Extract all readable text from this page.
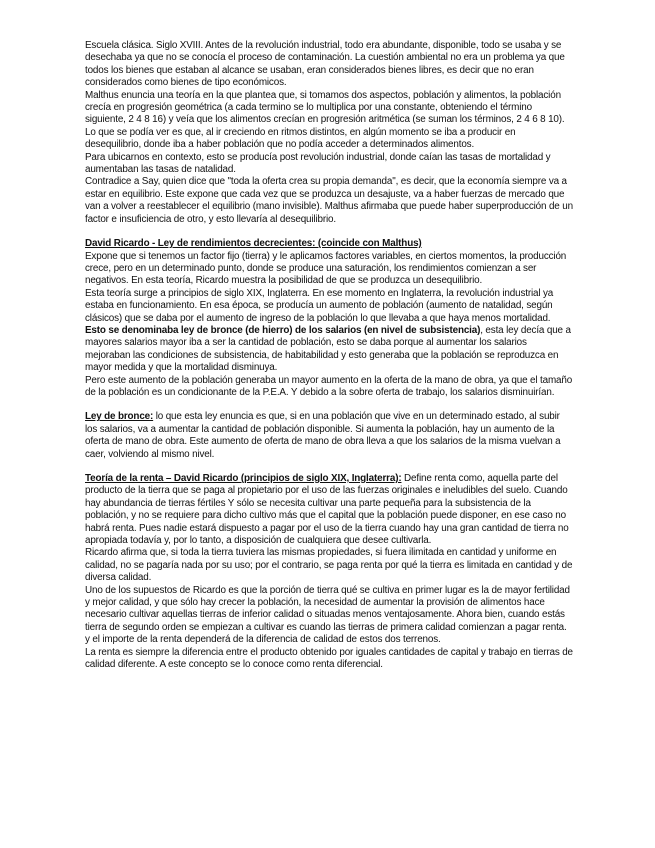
Escuela clásica. Siglo XVIII. Antes de la revolución industrial, todo era abundante, disponible, todo se usaba y se desechaba ya que no se conocía el proceso de contaminación. La cuestión ambiental no era un problema ya que todos los bienes que estaban al alcance se usaban, eran considerados bienes libres, es decir que no eran considerados como bienes de tipo económicos.

Malthus enuncia una teoría en la que plantea que, si tomamos dos aspectos, población y alimentos, la población crecía en progresión geométrica (a cada termino se lo multiplica por una constante, obteniendo el término siguiente, 2 4 8 16) y veía que los alimentos crecían en progresión aritmética (se suman los términos, 2 4 6 8 10). Lo que se podía ver es que, al ir creciendo en ritmos distintos, en algún momento se iba a producir en desequilibrio, donde iba a haber población que no podía acceder a determinados alimentos.

Para ubicarnos en contexto, esto se producía post revolución industrial, donde caían las tasas de mortalidad y aumentaban las tasas de natalidad.

Contradice a Say, quien dice que "toda la oferta crea su propia demanda", es decir, que la economía siempre va a estar en equilibrio. Este expone que cada vez que se produzca un desajuste, va a haber fuerzas de mercado que van a volver a reestablecer el equilibrio (mano invisible). Malthus afirmaba que puede haber superproducción de un factor e insuficiencia de otro, y esto llevaría al desequilibrio.

David Ricardo - Ley de rendimientos decrecientes: (coincide con Malthus)

Expone que si tenemos un factor fijo (tierra) y le aplicamos factores variables, en ciertos momentos, la producción crece, pero en un determinado punto, donde se produce una saturación, los rendimientos comienzan a ser negativos. En esta teoría, Ricardo muestra la posibilidad de que se produzca un desequilibrio.

Esta teoría surge a principios de siglo XIX, Inglaterra. En ese momento en Inglaterra, la revolución industrial ya estaba en funcionamiento. En esa época, se producía un aumento de población (aumento de natalidad, según clásicos) que se daba por el aumento de ingreso de la población lo que llevaba a que haya menos mortalidad.

Esto se denominaba ley de bronce (de hierro) de los salarios (en nivel de subsistencia), esta ley decía que a mayores salarios mayor iba a ser la cantidad de población, esto se daba porque al aumentar los salarios mejoraban las condiciones de subsistencia, de habitabilidad y esto generaba que la población se reproduzca en mayor medida y que la mortalidad disminuya.

Pero este aumento de la población generaba un mayor aumento en la oferta de la mano de obra, ya que el tamaño de la población es un condicionante de la P.E.A. Y debido a la sobre oferta de trabajo, los salarios disminuirían.

Ley de bronce: lo que esta ley enuncia es que, si en una población que vive en un determinado estado, al subir los salarios, va a aumentar la cantidad de población disponible. Si aumenta la población, hay un aumento de la oferta de mano de obra. Este aumento de oferta de mano de obra lleva a que los salarios de la misma vuelvan a caer, volviendo al mismo nivel.

Teoría de la renta – David Ricardo (principios de siglo XIX, Inglaterra): Define renta como, aquella parte del producto de la tierra que se paga al propietario por el uso de las fuerzas originales e ineludibles del suelo. Cuando hay abundancia de tierras fértiles Y sólo se necesita cultivar una parte pequeña para la subsistencia de la población, y no se requiere para dicho cultivo más que el capital que la población puede disponer, en ese caso no habrá renta. Pues nadie estará dispuesto a pagar por el uso de la tierra cuando hay una gran cantidad de tierra no apropiada todavía y, por lo tanto, a disposición de cualquiera que desee cultivarla.

Ricardo afirma que, si toda la tierra tuviera las mismas propiedades, si fuera ilimitada en cantidad y uniforme en calidad, no se pagaría nada por su uso; por el contrario, se paga renta por qué la tierra es limitada en cantidad y de diversa calidad.

Uno de los supuestos de Ricardo es que la porción de tierra qué se cultiva en primer lugar es la de mayor fertilidad y mejor calidad, y que sólo hay crecer la población, la necesidad de aumentar la provisión de alimentos hace necesario cultivar aquellas tierras de inferior calidad o situadas menos ventajosamente. Ahora bien, cuando estás tierra de segundo orden se empiezan a cultivar es cuando las tierras de primera calidad comienzan a pagar renta. y el importe de la renta dependerá de la diferencia de calidad de estos dos terrenos.

La renta es siempre la diferencia entre el producto obtenido por iguales cantidades de capital y trabajo en tierras de calidad diferente. A este concepto se lo conoce como renta diferencial.
